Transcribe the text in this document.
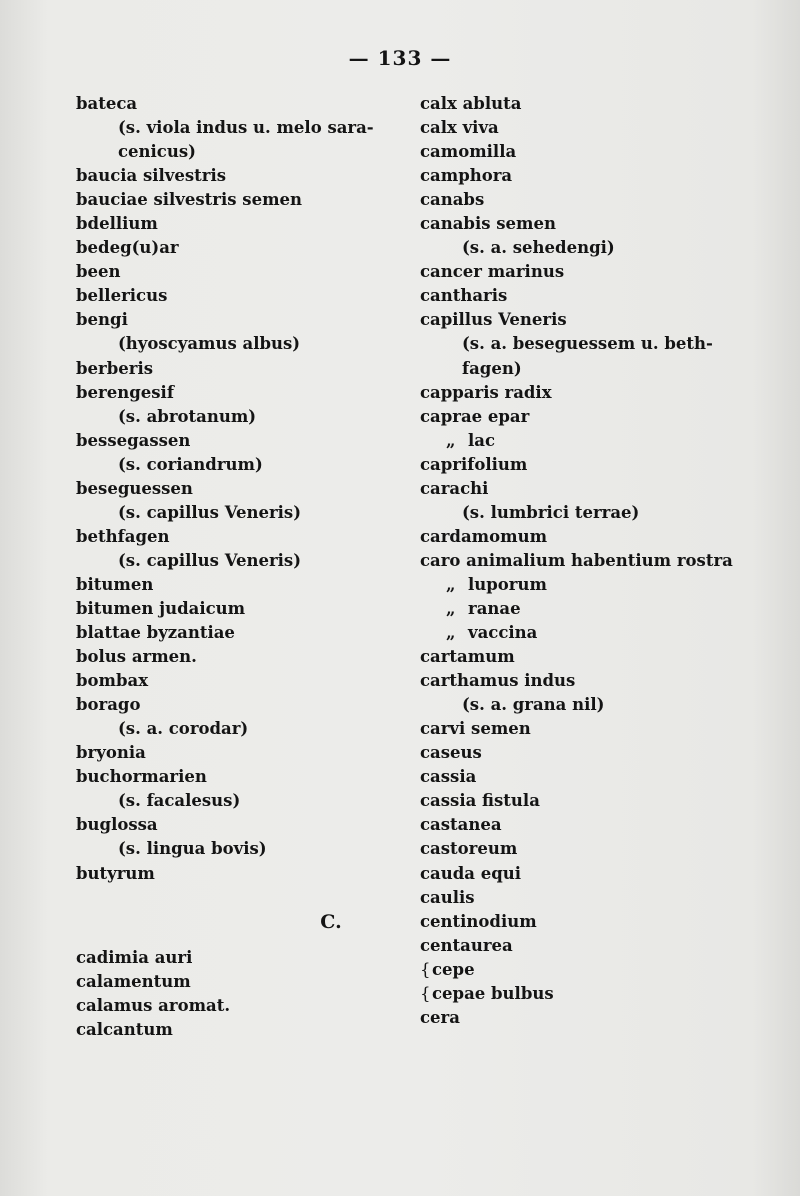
— 133 —
bateca
(s. viola indus u. melo sara-
cenicus)
baucia silvestris
bauciae silvestris semen
bdellium
bedeg(u)ar
been
bellericus
bengi
(hyoscyamus albus)
berberis
berengesif
(s. abrotanum)
bessegassen
(s. coriandrum)
beseguessen
(s. capillus Veneris)
bethfagen
(s. capillus Veneris)
bitumen
bitumen judaicum
blattae byzantiae
bolus armen.
bombax
borago
(s. a. corodar)
bryonia
buchormarien
(s. facalesus)
buglossa
(s. lingua bovis)
butyrum
C.
cadimia auri
calamentum
calamus aromat.
calcantum
calx abluta
calx viva
camomilla
camphora
canabs
canabis semen
(s. a. sehedengi)
cancer marinus
cantharis
capillus Veneris
(s. a. beseguessem u. beth-
fagen)
capparis radix
caprae epar
„ lac
caprifolium
carachi
(s. lumbrici terrae)
cardamomum
caro animalium habentium rostra
„ luporum
„ ranae
„ vaccina
cartamum
carthamus indus
(s. a. grana nil)
carvi semen
caseus
cassia
cassia fistula
castanea
castoreum
cauda equi
caulis
centinodium
centaurea
{cepe
{cepae bulbus
cera
